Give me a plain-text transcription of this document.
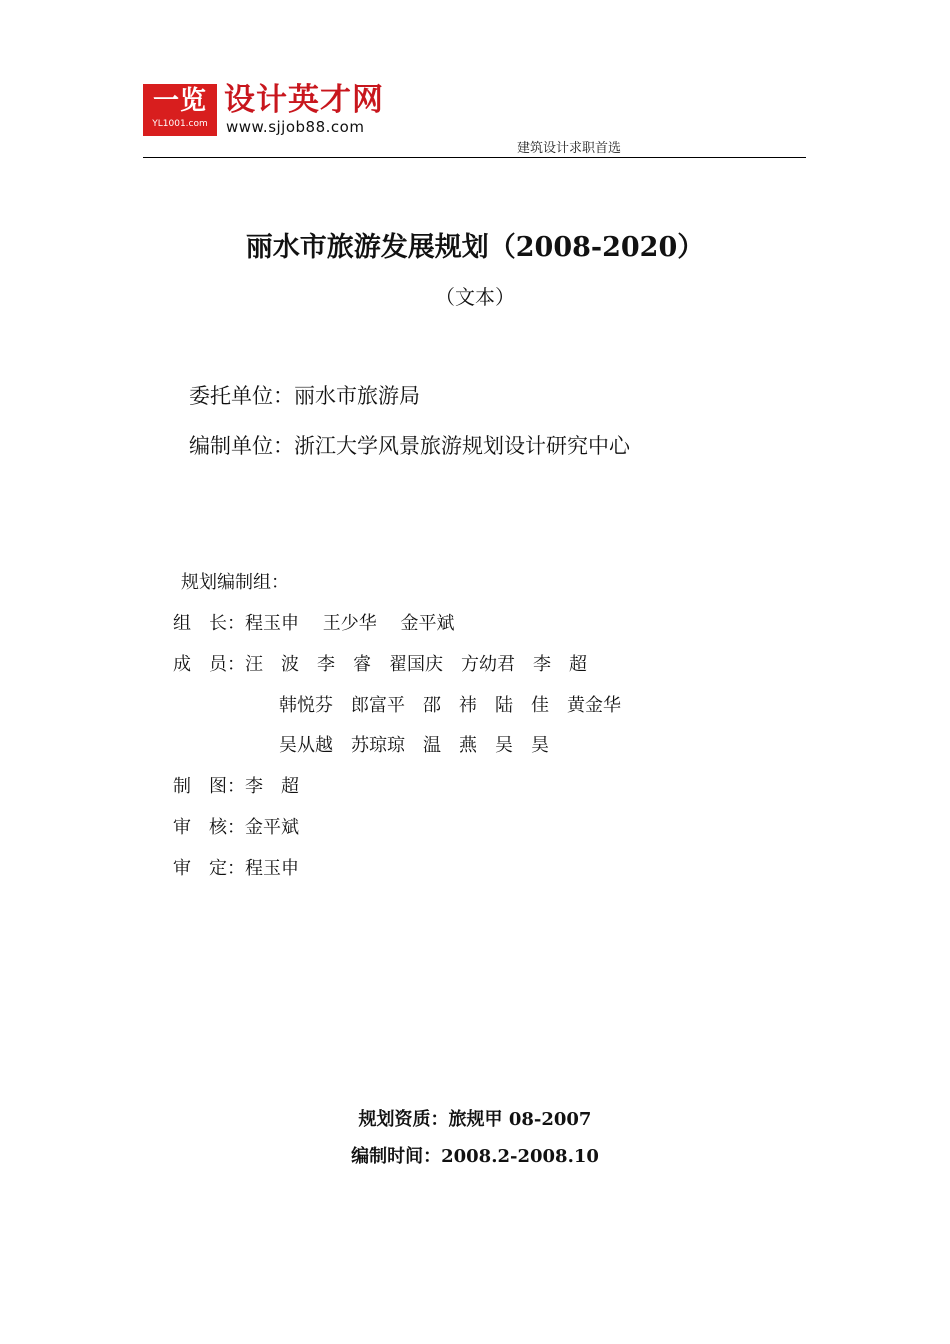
一览
YL1001.com
设计英才网
www.sjjob88.com
建筑设计求职首选
丽水市旅游发展规划（2008-2020）
（文本）
委托单位：丽水市旅游局
编制单位：浙江大学风景旅游规划设计研究中心
规划编制组：
组　长：程玉申　 王少华　 金平斌
成　员：汪　波　李　睿　翟国庆　方幼君　李　超
韩悦芬　郎富平　邵　祎　陆　佳　黄金华
吴从越　苏琼琼　温　燕　吴　昊
制　图：李　超
审　核：金平斌
审　定：程玉申
规划资质：旅规甲 08-2007
编制时间：2008.2-2008.10
